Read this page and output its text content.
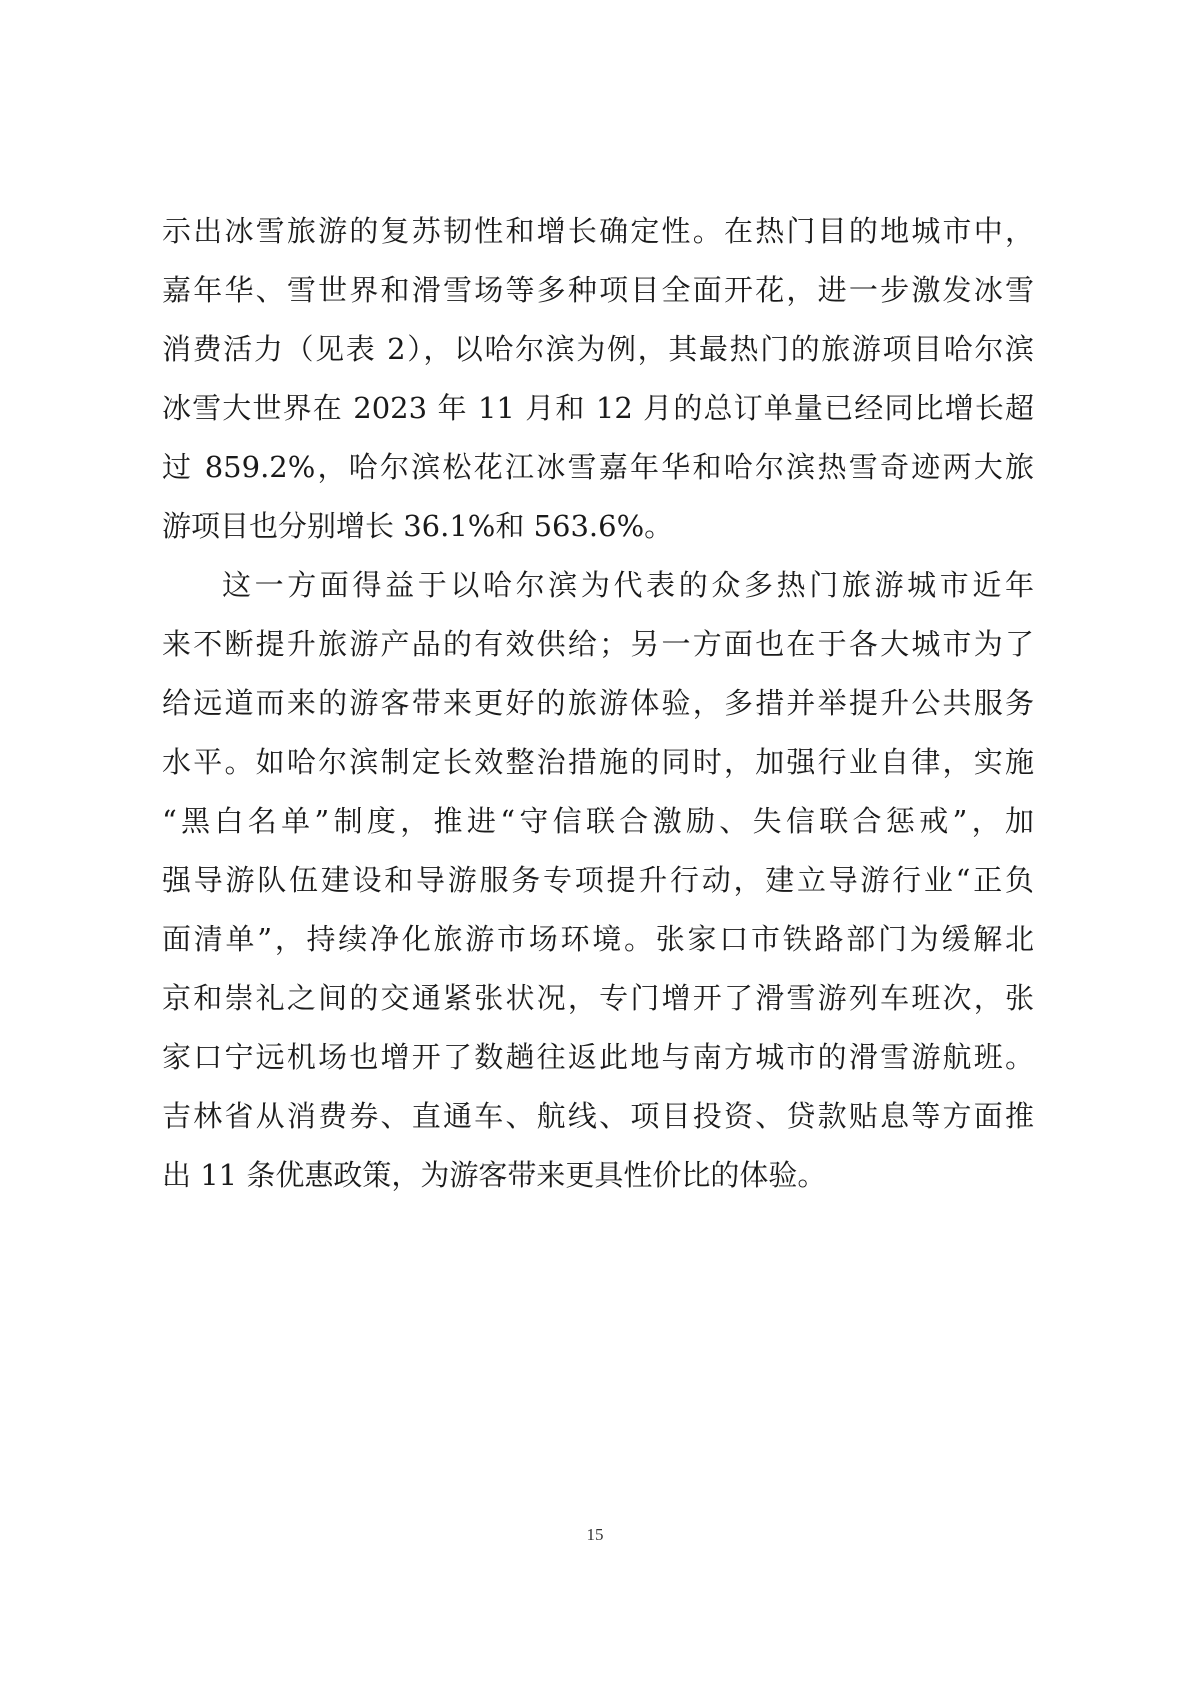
示出冰雪旅游的复苏韧性和增长确定性。在热门目的地城市中，
嘉年华、雪世界和滑雪场等多种项目全面开花，进一步激发冰雪
消费活力（见表 2），以哈尔滨为例，其最热门的旅游项目哈尔滨
冰雪大世界在 2023 年 11 月和 12 月的总订单量已经同比增长超
过 859.2%，哈尔滨松花江冰雪嘉年华和哈尔滨热雪奇迹两大旅
游项目也分别增长 36.1%和 563.6%。
这一方面得益于以哈尔滨为代表的众多热门旅游城市近年
来不断提升旅游产品的有效供给；另一方面也在于各大城市为了
给远道而来的游客带来更好的旅游体验，多措并举提升公共服务
水平。如哈尔滨制定长效整治措施的同时，加强行业自律，实施
“黑白名单”制度，推进“守信联合激励、失信联合惩戒”，加
强导游队伍建设和导游服务专项提升行动，建立导游行业“正负
面清单”，持续净化旅游市场环境。张家口市铁路部门为缓解北
京和崇礼之间的交通紧张状况，专门增开了滑雪游列车班次，张
家口宁远机场也增开了数趟往返此地与南方城市的滑雪游航班。
吉林省从消费券、直通车、航线、项目投资、贷款贴息等方面推
出 11 条优惠政策，为游客带来更具性价比的体验。
15
